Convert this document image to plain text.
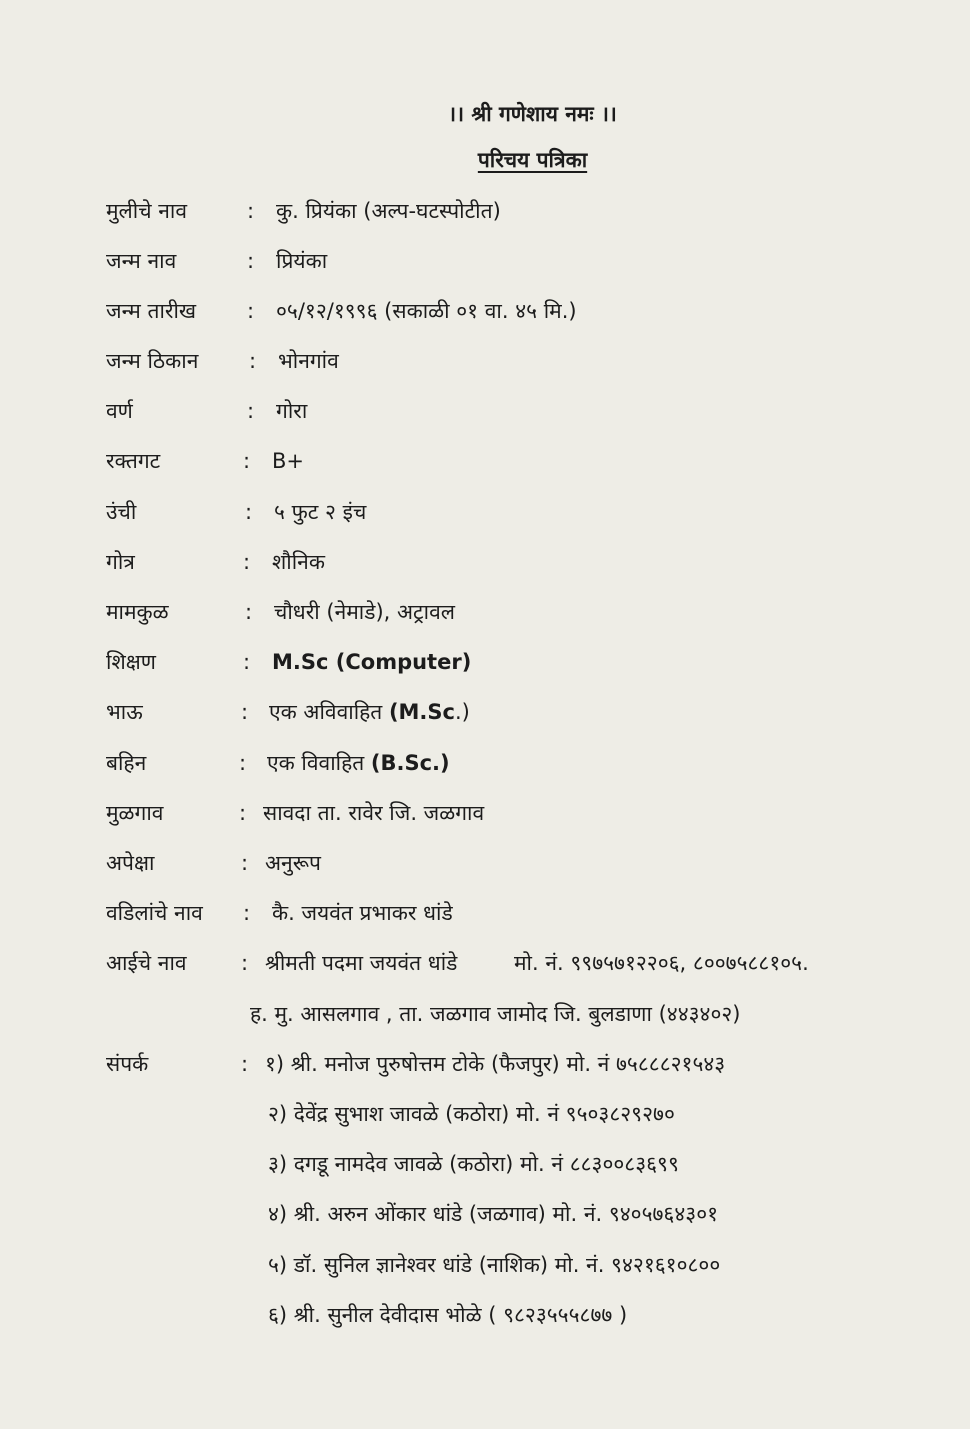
।। श्री गणेशाय नमः ।।
परिचय पत्रिका
मुलीचे नाव	: कु. प्रियंका (अल्प-घटस्पोटीत)
जन्म नाव	: प्रियंका
जन्म तारीख	: ०५/१२/१९९६ (सकाळी ०१ वा. ४५ मि.)
जन्म ठिकान	: भोनगांव
वर्ण	: गोरा
रक्तगट	: B+
उंची	: ५ फुट २ इंच
गोत्र	: शौनिक
मामकुळ	: चौधरी (नेमाडे), अट्रावल
शिक्षण	: M.Sc (Computer)
भाऊ	: एक अविवाहित (M.Sc.)
बहिन	: एक विवाहित (B.Sc.)
मुळगाव	: सावदा ता. रावेर जि. जळगाव
अपेक्षा	: अनुरूप
वडिलांचे नाव	: कै. जयवंत प्रभाकर धांडे
आईचे नाव	: श्रीमती पदमा जयवंत धांडे	मो. नं. ९९७५७१२२०६, ८००७५८८१०५.
ह. मु. आसलगाव , ता. जळगाव जामोद जि. बुलडाणा (४४३४०२)
संपर्क	: १) श्री. मनोज पुरुषोत्तम टोके (फैजपुर) मो. नं ७५८८८२१५४३
२) देवेंद्र सुभाश जावळे (कठोरा) मो. नं ९५०३८२९२७०
३) दगडू नामदेव जावळे (कठोरा) मो. नं ८८३००८३६९९
४) श्री. अरुन ओंकार धांडे (जळगाव) मो. नं. ९४०५७६४३०१
५) डॉ. सुनिल ज्ञानेश्वर धांडे (नाशिक) मो. नं. ९४२१६१०८००
६) श्री. सुनील देवीदास भोळे ( ९८२३५५५८७७ )
